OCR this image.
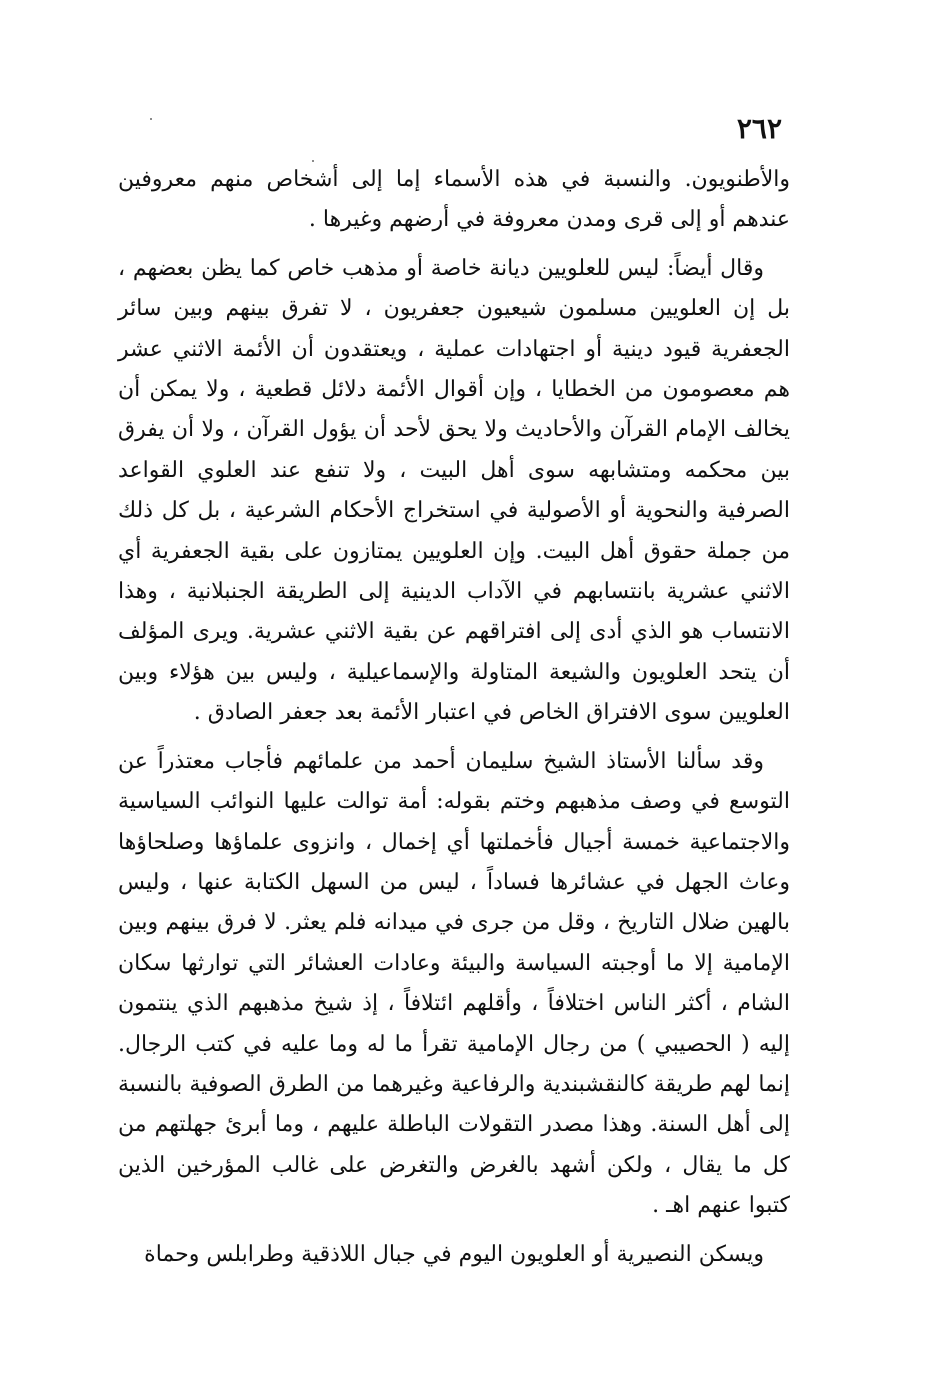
٢٦٢

والأطنويون. والنسبة في هذه الأسماء إما إلى أشخاص منهم معروفين عندهم أو إلى قرى ومدن معروفة في أرضهم وغيرها .

وقال أيضاً: ليس للعلويين ديانة خاصة أو مذهب خاص كما يظن بعضهم ، بل إن العلويين مسلمون شيعيون جعفريون ، لا تفرق بينهم وبين سائر الجعفرية قيود دينية أو اجتهادات عملية ، ويعتقدون أن الأئمة الاثني عشر هم معصومون من الخطايا ، وإن أقوال الأئمة دلائل قطعية ، ولا يمكن أن يخالف الإمام القرآن والأحاديث ولا يحق لأحد أن يؤول القرآن ، ولا أن يفرق بين محكمه ومتشابهه سوى أهل البيت ، ولا تنفع عند العلوي القواعد الصرفية والنحوية أو الأصولية في استخراج الأحكام الشرعية ، بل كل ذلك من جملة حقوق أهل البيت. وإن العلويين يمتازون على بقية الجعفرية أي الاثني عشرية بانتسابهم في الآداب الدينية إلى الطريقة الجنبلانية ، وهذا الانتساب هو الذي أدى إلى افتراقهم عن بقية الاثني عشرية. ويرى المؤلف أن يتحد العلويون والشيعة المتاولة والإسماعيلية ، وليس بين هؤلاء وبين العلويين سوى الافتراق الخاص في اعتبار الأئمة بعد جعفر الصادق .

وقد سألنا الأستاذ الشيخ سليمان أحمد من علمائهم فأجاب معتذراً عن التوسع في وصف مذهبهم وختم بقوله: أمة توالت عليها النوائب السياسية والاجتماعية خمسة أجيال فأخملتها أي إخمال ، وانزوى علماؤها وصلحاؤها وعاث الجهل في عشائرها فساداً ، ليس من السهل الكتابة عنها ، وليس بالهين ضلال التاريخ ، وقل من جرى في ميدانه فلم يعثر. لا فرق بينهم وبين الإمامية إلا ما أوجبته السياسة والبيئة وعادات العشائر التي توارثها سكان الشام ، أكثر الناس اختلافاً ، وأقلهم ائتلافاً ، إذ شيخ مذهبهم الذي ينتمون إليه ( الحصيبي ) من رجال الإمامية تقرأ ما له وما عليه في كتب الرجال. إنما لهم طريقة كالنقشبندية والرفاعية وغيرهما من الطرق الصوفية بالنسبة إلى أهل السنة. وهذا مصدر التقولات الباطلة عليهم ، وما أبرئ جهلتهم من كل ما يقال ، ولكن أشهد بالغرض والتغرض على غالب المؤرخين الذين كتبوا عنهم اهـ .

ويسكن النصيرية أو العلويون اليوم في جبال اللاذقية وطرابلس وحماة
